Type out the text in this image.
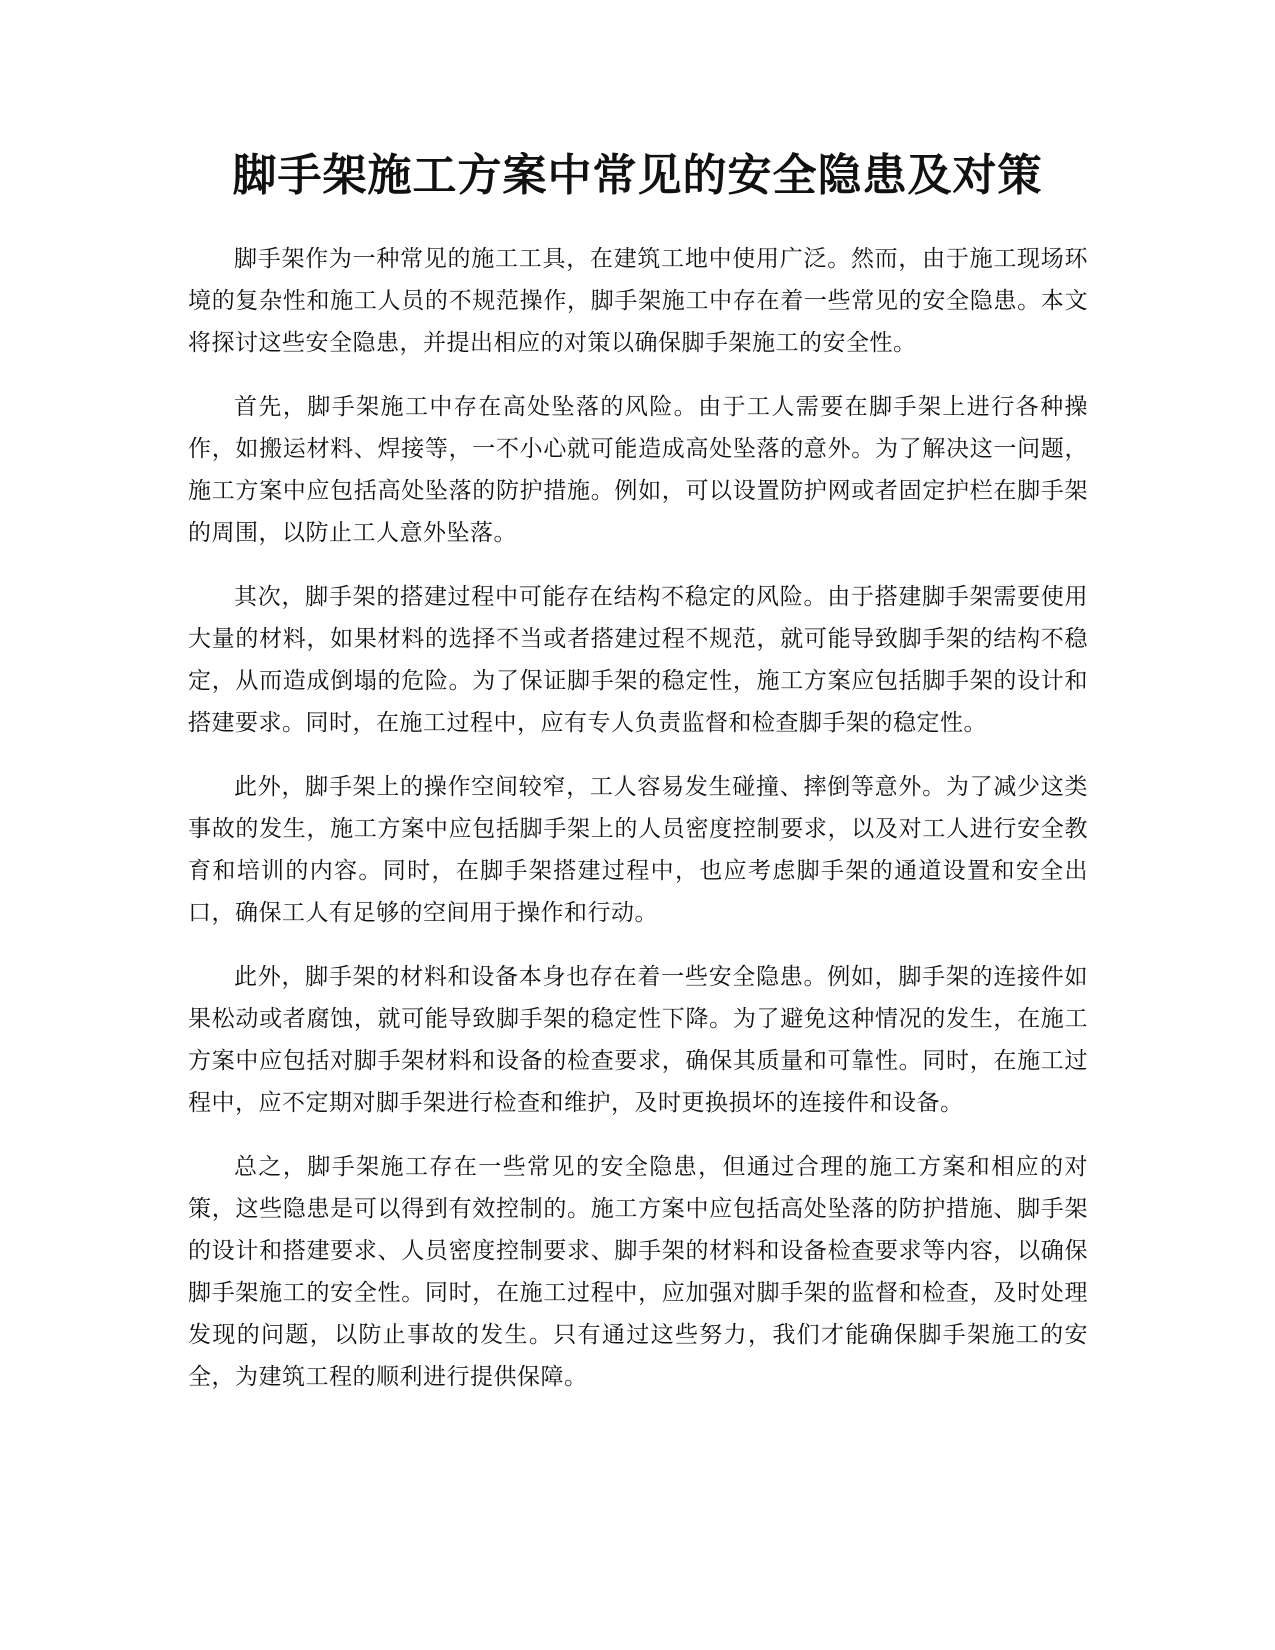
脚手架施工方案中常见的安全隐患及对策

脚手架作为一种常见的施工工具，在建筑工地中使用广泛。然而，由于施工现场环境的复杂性和施工人员的不规范操作，脚手架施工中存在着一些常见的安全隐患。本文将探讨这些安全隐患，并提出相应的对策以确保脚手架施工的安全性。

首先，脚手架施工中存在高处坠落的风险。由于工人需要在脚手架上进行各种操作，如搬运材料、焊接等，一不小心就可能造成高处坠落的意外。为了解决这一问题，施工方案中应包括高处坠落的防护措施。例如，可以设置防护网或者固定护栏在脚手架的周围，以防止工人意外坠落。

其次，脚手架的搭建过程中可能存在结构不稳定的风险。由于搭建脚手架需要使用大量的材料，如果材料的选择不当或者搭建过程不规范，就可能导致脚手架的结构不稳定，从而造成倒塌的危险。为了保证脚手架的稳定性，施工方案应包括脚手架的设计和搭建要求。同时，在施工过程中，应有专人负责监督和检查脚手架的稳定性。

此外，脚手架上的操作空间较窄，工人容易发生碰撞、摔倒等意外。为了减少这类事故的发生，施工方案中应包括脚手架上的人员密度控制要求，以及对工人进行安全教育和培训的内容。同时，在脚手架搭建过程中，也应考虑脚手架的通道设置和安全出口，确保工人有足够的空间用于操作和行动。

此外，脚手架的材料和设备本身也存在着一些安全隐患。例如，脚手架的连接件如果松动或者腐蚀，就可能导致脚手架的稳定性下降。为了避免这种情况的发生，在施工方案中应包括对脚手架材料和设备的检查要求，确保其质量和可靠性。同时，在施工过程中，应不定期对脚手架进行检查和维护，及时更换损坏的连接件和设备。

总之，脚手架施工存在一些常见的安全隐患，但通过合理的施工方案和相应的对策，这些隐患是可以得到有效控制的。施工方案中应包括高处坠落的防护措施、脚手架的设计和搭建要求、人员密度控制要求、脚手架的材料和设备检查要求等内容，以确保脚手架施工的安全性。同时，在施工过程中，应加强对脚手架的监督和检查，及时处理发现的问题，以防止事故的发生。只有通过这些努力，我们才能确保脚手架施工的安全，为建筑工程的顺利进行提供保障。
